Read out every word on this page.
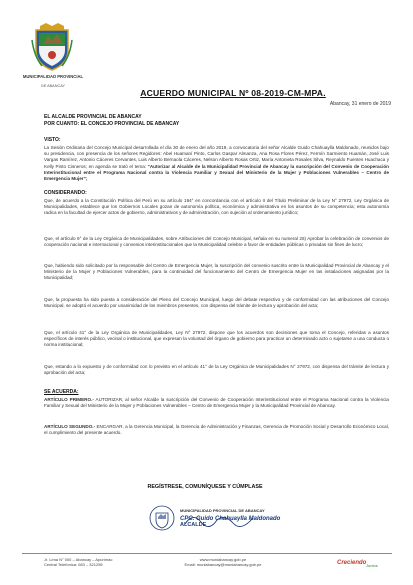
MUNICIPALIDAD PROVINCIAL
DE ABANCAY
ACUERDO MUNICIPAL Nº 08-2019-CM-MPA.
Abancay, 31 enero de 2019
EL ALCALDE PROVINCIAL DE ABANCAY
POR CUANTO: EL CONCEJO PROVINCIAL DE ABANCAY
VISTO:
La Sesión Ordinaria del Concejo Municipal desarrollada el día 30 de enero del año 2019, a convocatoria del señor Alcalde Guido Chahuaylla Maldonado, reunidos bajo su presidencia, con presencia de los señores Regidores: Abel Huamaní Pinto, Carlos Gaspar Almanza, Ana Rosa Flores Pérez, Fermín Sarmiento Huamán, José Luis Vargas Ramírez, Antonio Cáceres Cervantes, Luis Alberto Bernaola Cáceres, Nelson Alberto Rosas Ortiz, María Antonieta Rosales Silva, Reynaldo Fuentes Huachaca y Kelly Pinto Cisneros; en agenda se trató el tema: "Autorizar al Alcalde de la Municipalidad Provincial de Abancay la suscripción del Convenio de Cooperación Interinstitucional entre el Programa Nacional contra la Violencia Familiar y Sexual del Ministerio de la Mujer y Poblaciones Vulnerables – Centro de Emergencia Mujer";
CONSIDERANDO:
Que, de acuerdo a la Constitución Política del Perú en su artículo 194° en concordancia con el artículo II del Título Preliminar de la Ley N° 27972, Ley Orgánica de Municipalidades, establece que los Gobiernos Locales gozan de autonomía política, económica y administrativa en los asuntos de su competencia; esta autonomía radica en la facultad de ejercer actos de gobierno, administrativos y de administración, con sujeción al ordenamiento jurídico;
Que, el artículo 9° de la Ley Orgánica de Municipalidades, sobre Atribuciones del Concejo Municipal, señala en su numeral 26) Aprobar la celebración de convenios de cooperación nacional e internacional y convenios interinstitucionales que la Municipalidad celebre a favor de entidades públicas o privadas sin fines de lucro;
Que, habiendo sido solicitado por la responsable del Centro de Emergencia Mujer, la suscripción del convenio suscrito entre la Municipalidad Provincial de Abancay y el Ministerio de la Mujer y Poblaciones Vulnerables, para la continuidad del funcionamiento del Centro de Emergencia Mujer en las instalaciones asignadas por la Municipalidad;
Que, la propuesta ha sido puesta a consideración del Pleno del Concejo Municipal, luego del debate respectivo y de conformidad con las atribuciones del Concejo Municipal, se adoptó el acuerdo por unanimidad de los miembros presentes, con dispensa del trámite de lectura y aprobación del acta;
Que, el artículo 41° de la Ley Orgánica de Municipalidades, Ley N° 27972, dispone que los acuerdos son decisiones que toma el Concejo, referidas a asuntos específicos de interés público, vecinal o institucional, que expresan la voluntad del órgano de gobierno para practicar un determinado acto o sujetarse a una conducta o norma institucional;
Que, estando a lo expuesto y de conformidad con lo previsto en el artículo 41° de la Ley Orgánica de Municipalidades N° 27972, con dispensa del trámite de lectura y aprobación del acta;
SE ACUERDA:
ARTÍCULO PRIMERO.- AUTORIZAR, al señor Alcalde la suscripción del Convenio de Cooperación Interinstitucional entre el Programa Nacional contra la Violencia Familiar y Sexual del Ministerio de la Mujer y Poblaciones Vulnerables – Centro de Emergencia Mujer y la Municipalidad Provincial de Abancay.
ARTÍCULO SEGUNDO.- ENCARGAR, a la Gerencia Municipal, la Gerencia de Administración y Finanzas, Gerencia de Promoción Social y Desarrollo Económico Local, el cumplimiento del presente acuerdo.
REGÍSTRESE, COMUNÍQUESE Y CÚMPLASE
MUNICIPALIDAD PROVINCIAL DE ABANCAY
CPC. Guido Chahuaylla Maldonado
ALCALDE
Jr. Lima N° 000 – Abancay – Apurímac
Central Telefónica: 083 – 321255
www.muniabancay.gob.pe
Email: muniabancay@muniabancay.gob.pe	Creciendo Juntos
